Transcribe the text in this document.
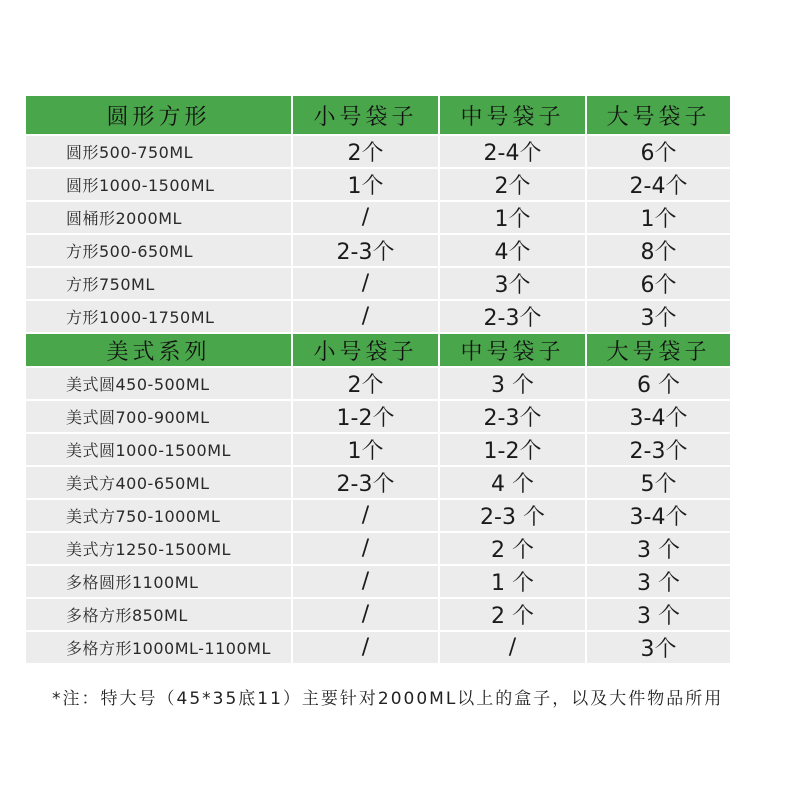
圆形方形	小号袋子	中号袋子	大号袋子
圆形500-750ML	2个	2-4个	6个
圆形1000-1500ML	1个	2个	2-4个
圆桶形2000ML	/	1个	1个
方形500-650ML	2-3个	4个	8个
方形750ML	/	3个	6个
方形1000-1750ML	/	2-3个	3个
美式系列	小号袋子	中号袋子	大号袋子
美式圆450-500ML	2个	3 个	6 个
美式圆700-900ML	1-2个	2-3个	3-4个
美式圆1000-1500ML	1个	1-2个	2-3个
美式方400-650ML	2-3个	4 个	5个
美式方750-1000ML	/	2-3 个	3-4个
美式方1250-1500ML	/	2 个	3 个
多格圆形1100ML	/	1 个	3 个
多格方形850ML	/	2 个	3 个
多格方形1000ML-1100ML	/	/	3个
*注：特大号（45*35底11）主要针对2000ML以上的盒子，以及大件物品所用
